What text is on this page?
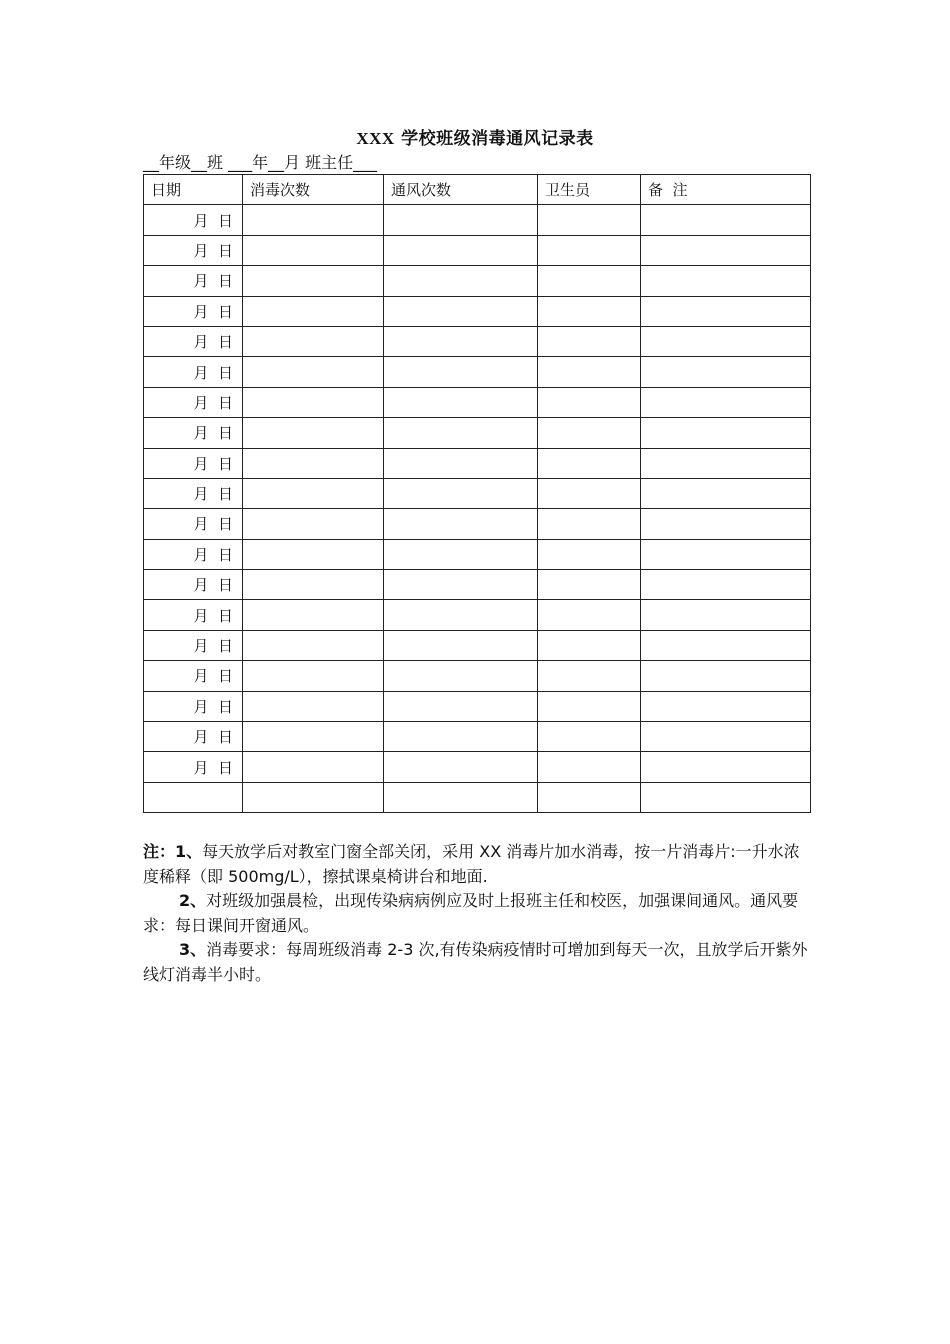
XXX 学校班级消毒通风记录表
__年级__班 ___年__月 班主任___
日期	消毒次数	通风次数	卫生员	备  注
月  日				
月  日				
月  日				
月  日				
月  日				
月  日				
月  日				
月  日				
月  日				
月  日				
月  日				
月  日				
月  日				
月  日				
月  日				
月  日				
月  日				
月  日				
月  日				

注：1、每天放学后对教室门窗全部关闭，采用 XX 消毒片加水消毒，按一片消毒片:一升水浓度稀释（即 500mg/L），擦拭课桌椅讲台和地面.

2、对班级加强晨检，出现传染病病例应及时上报班主任和校医，加强课间通风。通风要求：每日课间开窗通风。

3、消毒要求：每周班级消毒 2-3 次,有传染病疫情时可增加到每天一次，且放学后开紫外线灯消毒半小时。
